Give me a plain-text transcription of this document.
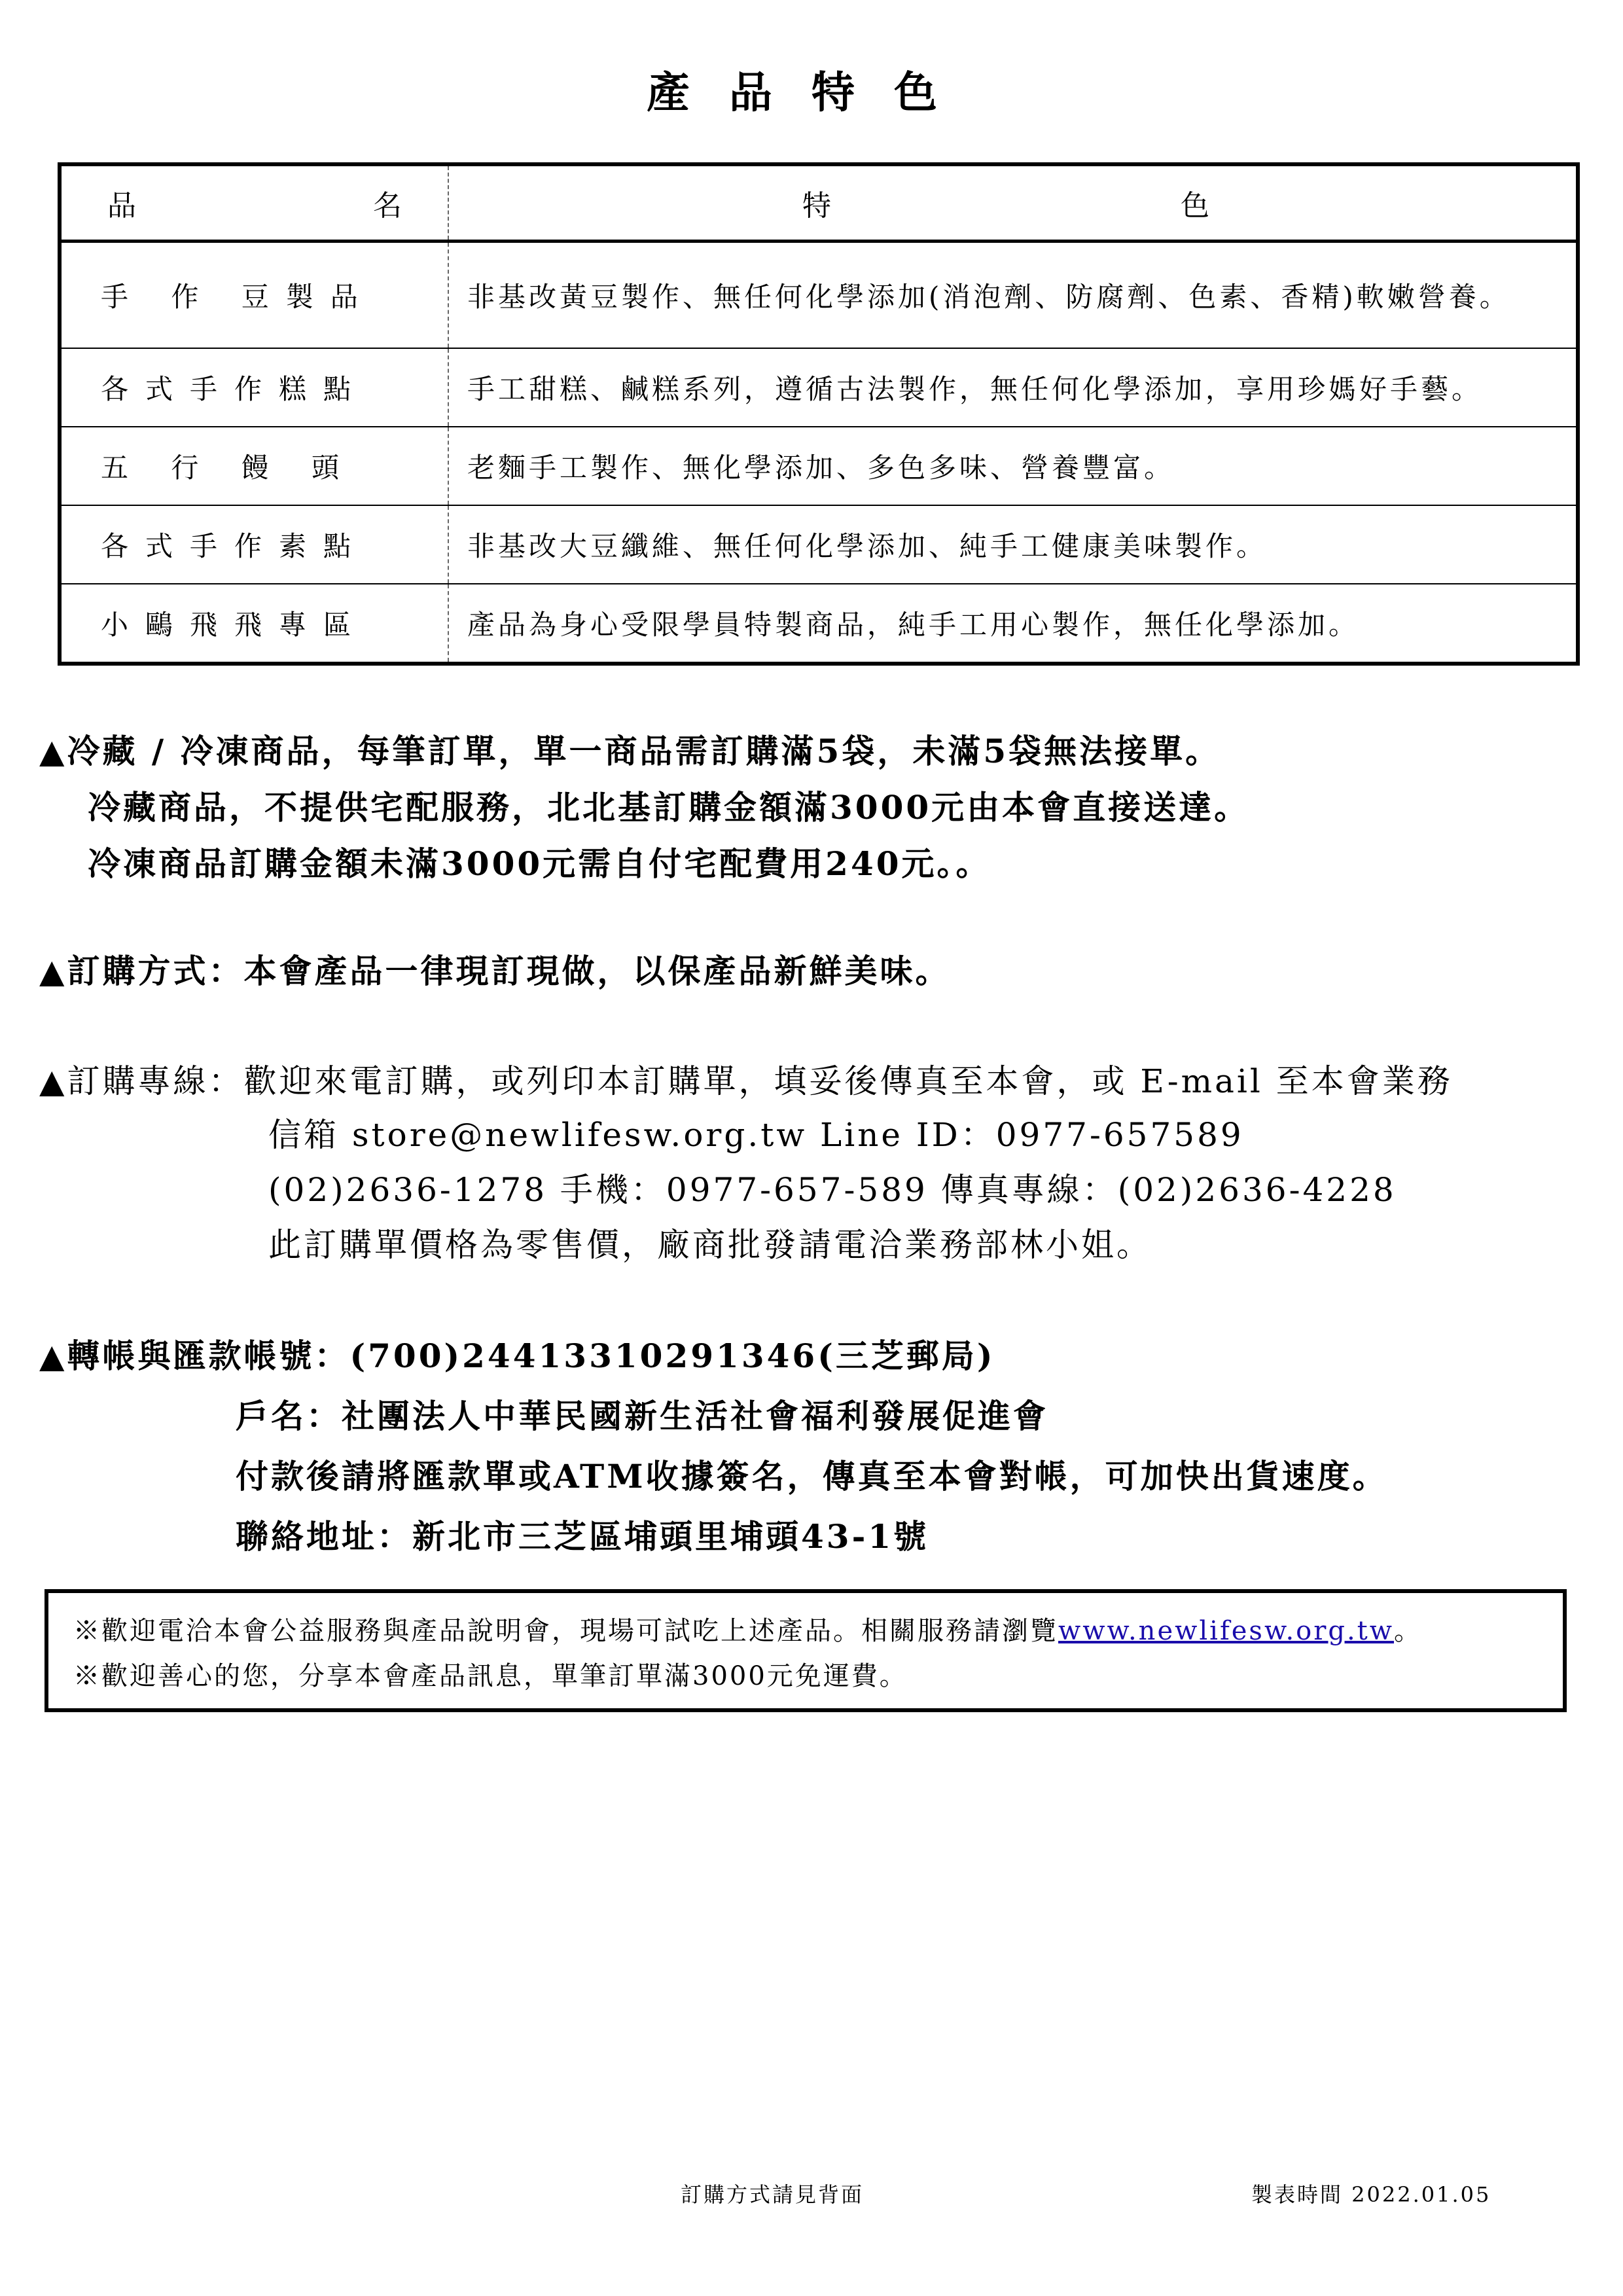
產品特色
品 名	特 色

手 作 豆製品	非基改黃豆製作、無任何化學添加(消泡劑、防腐劑、色素、香精)軟嫩營養。
各式手作糕點	手工甜糕、鹹糕系列，遵循古法製作，無任何化學添加，享用珍媽好手藝。
五 行 饅 頭	老麵手工製作、無化學添加、多色多味、營養豐富。
各式手作素點	非基改大豆纖維、無任何化學添加、純手工健康美味製作。
小鷗飛飛專區	產品為身心受限學員特製商品，純手工用心製作，無任化學添加。

▲冷藏 / 冷凍商品，每筆訂單，單一商品需訂購滿5袋，未滿5袋無法接單。

冷藏商品，不提供宅配服務，北北基訂購金額滿3000元由本會直接送達。

冷凍商品訂購金額未滿3000元需自付宅配費用240元。。

▲訂購方式：本會產品一律現訂現做，以保產品新鮮美味。

▲訂購專線：歡迎來電訂購，或列印本訂購單，填妥後傳真至本會，或 E-mail 至本會業務

信箱 store@newlifesw.org.tw Line ID：0977-657589

(02)2636-1278 手機：0977-657-589 傳真專線：(02)2636-4228

此訂購單價格為零售價，廠商批發請電洽業務部林小姐。

▲轉帳與匯款帳號：(700)24413310291346(三芝郵局)

戶名：社團法人中華民國新生活社會福利發展促進會

付款後請將匯款單或ATM收據簽名，傳真至本會對帳，可加快出貨速度。

聯絡地址：新北市三芝區埔頭里埔頭43-1號

※歡迎電洽本會公益服務與產品說明會，現場可試吃上述產品。相關服務請瀏覽www.newlifesw.org.tw。

※歡迎善心的您，分享本會產品訊息，單筆訂單滿3000元免運費。

訂購方式請見背面	製表時間 2022.01.05
